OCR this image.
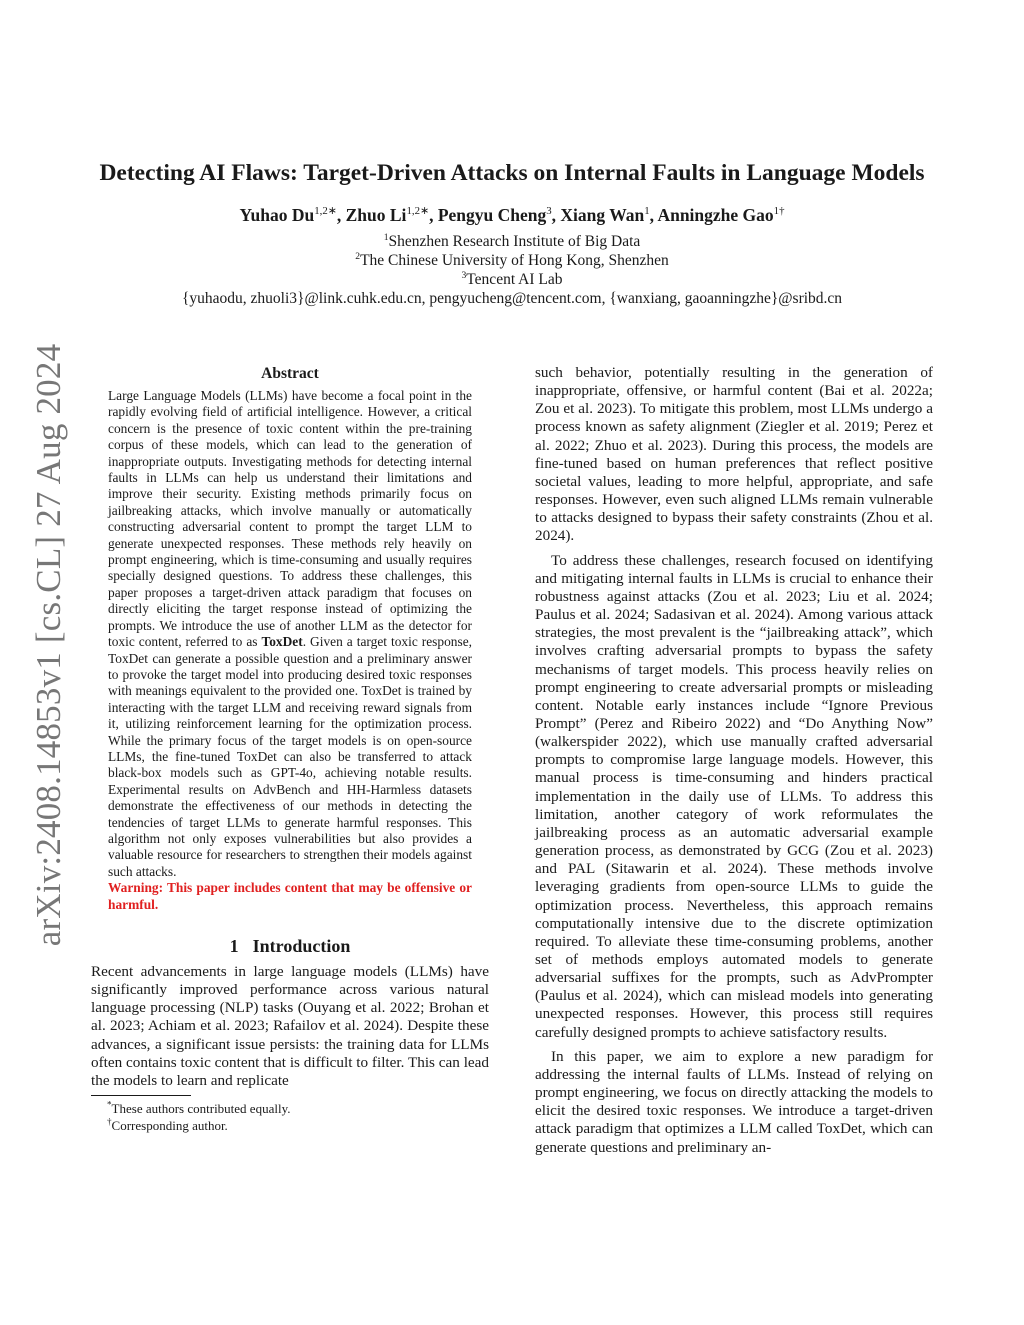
arXiv:2408.14853v1 [cs.CL] 27 Aug 2024
Detecting AI Flaws: Target-Driven Attacks on Internal Faults in Language Models
Yuhao $Du^{1,2∗}$, Zhuo $Li^{1,2∗}$, Pengyu Cheng$^3$, Xiang Wan$^1$, Anningzhe Gao$^{1\dagger}$
$^1$Shenzhen Research Institute of Big Data
$^2$The Chinese University of Hong Kong, Shenzhen
$^3$Tencent AI Lab
{yuhaodu, zhuoli3}@link.cuhk.edu.cn, pengyucheng@tencent.com, {wanxiang, gaoanningzhe}@sribd.cn
Abstract

Large Language Models (LLMs) have become a focal point in the rapidly evolving field of artificial intelligence. However, a critical concern is the presence of toxic content within the pre-training corpus of these models, which can lead to the generation of inappropriate outputs. Investigating methods for detecting internal faults in LLMs can help us understand their limitations and improve their security. Existing methods primarily focus on jailbreaking attacks, which involve manually or automatically constructing adversarial content to prompt the target LLM to generate unexpected responses. These methods rely heavily on prompt engineering, which is time-consuming and usually requires specially designed questions. To address these challenges, this paper proposes a target-driven attack paradigm that focuses on directly eliciting the target response instead of optimizing the prompts. We introduce the use of another LLM as the detector for toxic content, referred to as ToxDet. Given a target toxic response, ToxDet can generate a possible question and a preliminary answer to provoke the target model into producing desired toxic responses with meanings equivalent to the provided one. ToxDet is trained by interacting with the target LLM and receiving reward signals from it, utilizing reinforcement learning for the optimization process. While the primary focus of the target models is on open-source LLMs, the fine-tuned ToxDet can also be transferred to attack black-box models such as GPT-4o, achieving notable results. Experimental results on AdvBench and HH-Harmless datasets demonstrate the effectiveness of our methods in detecting the tendencies of target LLMs to generate harmful responses. This algorithm not only exposes vulnerabilities but also provides a valuable resource for researchers to strengthen their models against such attacks.

Warning: This paper includes content that may be offensive or harmful.

1 Introduction

Recent advancements in large language models (LLMs) have significantly improved performance across various natural language processing (NLP) tasks (Ouyang et al. 2022; Brohan et al. 2023; Achiam et al. 2023; Rafailov et al. 2024). Despite these advances, a significant issue persists: the training data for LLMs often contains toxic content that is difficult to filter. This can lead the models to learn and replicate

*These authors contributed equally.
†Corresponding author.

such behavior, potentially resulting in the generation of inappropriate, offensive, or harmful content (Bai et al. 2022a; Zou et al. 2023). To mitigate this problem, most LLMs undergo a process known as safety alignment (Ziegler et al. 2019; Perez et al. 2022; Zhuo et al. 2023). During this process, the models are fine-tuned based on human preferences that reflect positive societal values, leading to more helpful, appropriate, and safe responses. However, even such aligned LLMs remain vulnerable to attacks designed to bypass their safety constraints (Zhou et al. 2024).

To address these challenges, research focused on identifying and mitigating internal faults in LLMs is crucial to enhance their robustness against attacks (Zou et al. 2023; Liu et al. 2024; Paulus et al. 2024; Sadasivan et al. 2024). Among various attack strategies, the most prevalent is the “jailbreaking attack”, which involves crafting adversarial prompts to bypass the safety mechanisms of target models. This process heavily relies on prompt engineering to create adversarial prompts or misleading content. Notable early instances include “Ignore Previous Prompt” (Perez and Ribeiro 2022) and “Do Anything Now” (walkerspider 2022), which use manually crafted adversarial prompts to compromise large language models. However, this manual process is time-consuming and hinders practical implementation in the daily use of LLMs. To address this limitation, another category of work reformulates the jailbreaking process as an automatic adversarial example generation process, as demonstrated by GCG (Zou et al. 2023) and PAL (Sitawarin et al. 2024). These methods involve leveraging gradients from open-source LLMs to guide the optimization process. Nevertheless, this approach remains computationally intensive due to the discrete optimization required. To alleviate these time-consuming problems, another set of methods employs automated models to generate adversarial suffixes for the prompts, such as AdvPrompter (Paulus et al. 2024), which can mislead models into generating unexpected responses. However, this process still requires carefully designed prompts to achieve satisfactory results.

In this paper, we aim to explore a new paradigm for addressing the internal faults of LLMs. Instead of relying on prompt engineering, we focus on directly attacking the models to elicit the desired toxic responses. We introduce a target-driven attack paradigm that optimizes a LLM called ToxDet, which can generate questions and preliminary an-
